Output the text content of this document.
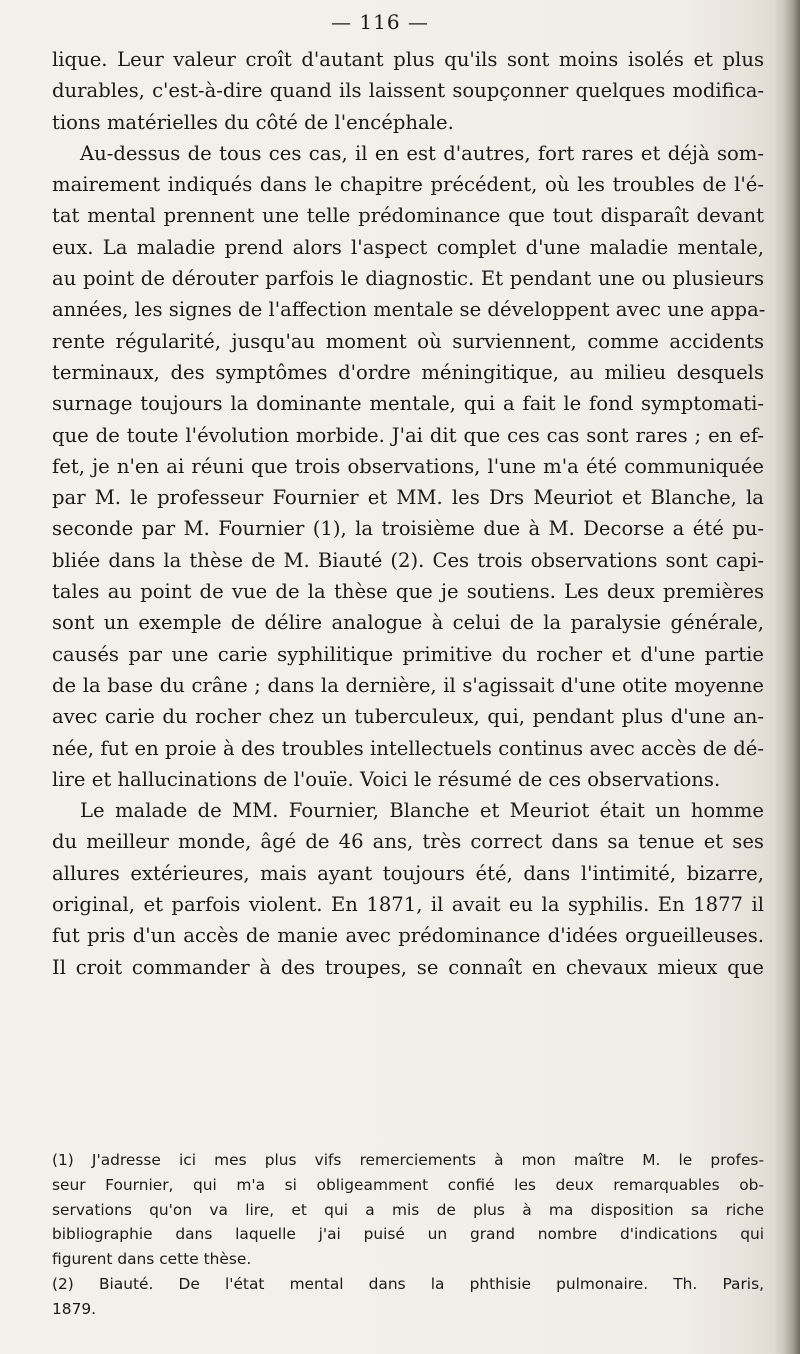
— 116 —
lique. Leur valeur croît d'autant plus qu'ils sont moins isolés et plus
durables, c'est-à-dire quand ils laissent soupçonner quelques modifica-
tions matérielles du côté de l'encéphale.
Au-dessus de tous ces cas, il en est d'autres, fort rares et déjà som-
mairement indiqués dans le chapitre précédent, où les troubles de l'é-
tat mental prennent une telle prédominance que tout disparaît devant
eux. La maladie prend alors l'aspect complet d'une maladie mentale,
au point de dérouter parfois le diagnostic. Et pendant une ou plusieurs
années, les signes de l'affection mentale se développent avec une appa-
rente régularité, jusqu'au moment où surviennent, comme accidents
terminaux, des symptômes d'ordre méningitique, au milieu desquels
surnage toujours la dominante mentale, qui a fait le fond symptomati-
que de toute l'évolution morbide. J'ai dit que ces cas sont rares ; en ef-
fet, je n'en ai réuni que trois observations, l'une m'a été communiquée
par M. le professeur Fournier et MM. les Drs Meuriot et Blanche, la
seconde par M. Fournier (1), la troisième due à M. Decorse a été pu-
bliée dans la thèse de M. Biauté (2). Ces trois observations sont capi-
tales au point de vue de la thèse que je soutiens. Les deux premières
sont un exemple de délire analogue à celui de la paralysie générale,
causés par une carie syphilitique primitive du rocher et d'une partie
de la base du crâne ; dans la dernière, il s'agissait d'une otite moyenne
avec carie du rocher chez un tuberculeux, qui, pendant plus d'une an-
née, fut en proie à des troubles intellectuels continus avec accès de dé-
lire et hallucinations de l'ouïe. Voici le résumé de ces observations.
Le malade de MM. Fournier, Blanche et Meuriot était un homme
du meilleur monde, âgé de 46 ans, très correct dans sa tenue et ses
allures extérieures, mais ayant toujours été, dans l'intimité, bizarre,
original, et parfois violent. En 1871, il avait eu la syphilis. En 1877 il
fut pris d'un accès de manie avec prédominance d'idées orgueilleuses.
Il croit commander à des troupes, se connaît en chevaux mieux que
(1) J'adresse ici mes plus vifs remerciements à mon maître M. le profes-
seur Fournier, qui m'a si obligeamment confié les deux remarquables ob-
servations qu'on va lire, et qui a mis de plus à ma disposition sa riche
bibliographie dans laquelle j'ai puisé un grand nombre d'indications qui
figurent dans cette thèse.
(2) Biauté. De l'état mental dans la phthisie pulmonaire. Th. Paris,
1879.
